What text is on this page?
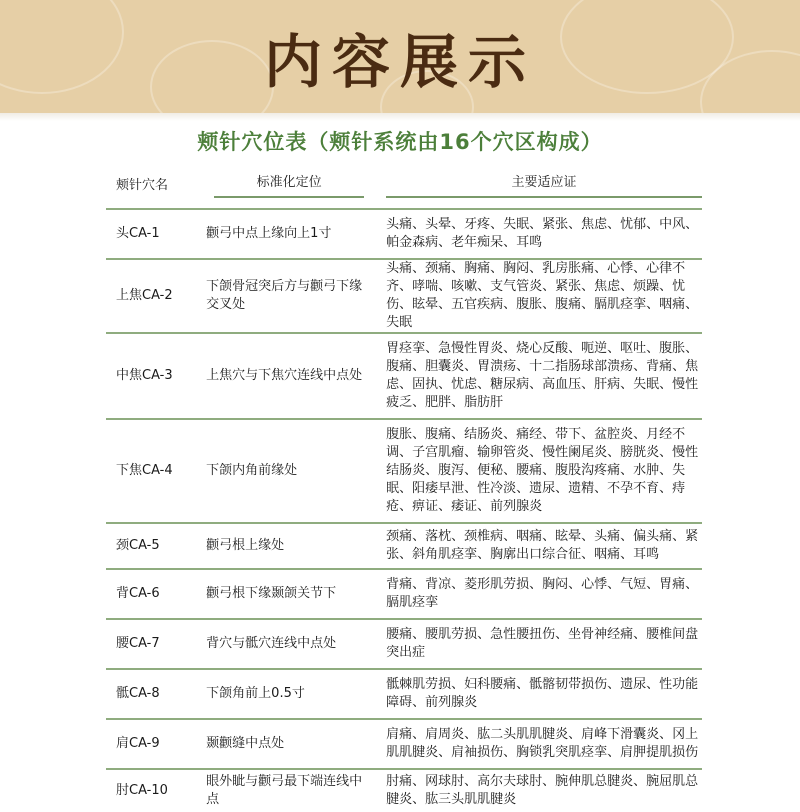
内容展示
颊针穴位表（颊针系统由16个穴区构成）
颊针穴名	标准化定位	主要适应证

头CA-1	颧弓中点上缘向上1寸	头痛、头晕、牙疼、失眠、紧张、焦虑、忧郁、中风、帕金森病、老年痴呆、耳鸣
上焦CA-2	下颌骨冠突后方与颧弓下缘交叉处	头痛、颈痛、胸痛、胸闷、乳房胀痛、心悸、心律不齐、哮喘、咳嗽、支气管炎、紧张、焦虑、烦躁、忧伤、眩晕、五官疾病、腹胀、腹痛、膈肌痉挛、咽痛、失眠
中焦CA-3	上焦穴与下焦穴连线中点处	胃痉挛、急慢性胃炎、烧心反酸、呃逆、呕吐、腹胀、腹痛、胆囊炎、胃溃疡、十二指肠球部溃疡、背痛、焦虑、固执、忧虑、糖尿病、高血压、肝病、失眠、慢性疲乏、肥胖、脂肪肝
下焦CA-4	下颌内角前缘处	腹胀、腹痛、结肠炎、痛经、带下、盆腔炎、月经不调、子宫肌瘤、输卵管炎、慢性阑尾炎、膀胱炎、慢性结肠炎、腹泻、便秘、腰痛、腹股沟疼痛、水肿、失眠、阳痿早泄、性冷淡、遗尿、遗精、不孕不育、痔疮、痹证、痿证、前列腺炎
颈CA-5	颧弓根上缘处	颈痛、落枕、颈椎病、咽痛、眩晕、头痛、偏头痛、紧张、斜角肌痉挛、胸廓出口综合征、咽痛、耳鸣
背CA-6	颧弓根下缘颞颌关节下	背痛、背凉、菱形肌劳损、胸闷、心悸、气短、胃痛、膈肌痉挛
腰CA-7	背穴与骶穴连线中点处	腰痛、腰肌劳损、急性腰扭伤、坐骨神经痛、腰椎间盘突出症
骶CA-8	下颌角前上0.5寸	骶棘肌劳损、妇科腰痛、骶髂韧带损伤、遗尿、性功能障碍、前列腺炎
肩CA-9	颞颧缝中点处	肩痛、肩周炎、肱二头肌肌腱炎、肩峰下滑囊炎、冈上肌肌腱炎、肩袖损伤、胸锁乳突肌痉挛、肩胛提肌损伤
肘CA-10	眼外眦与颧弓最下端连线中点	肘痛、网球肘、高尔夫球肘、腕伸肌总腱炎、腕屈肌总腱炎、肱三头肌肌腱炎
